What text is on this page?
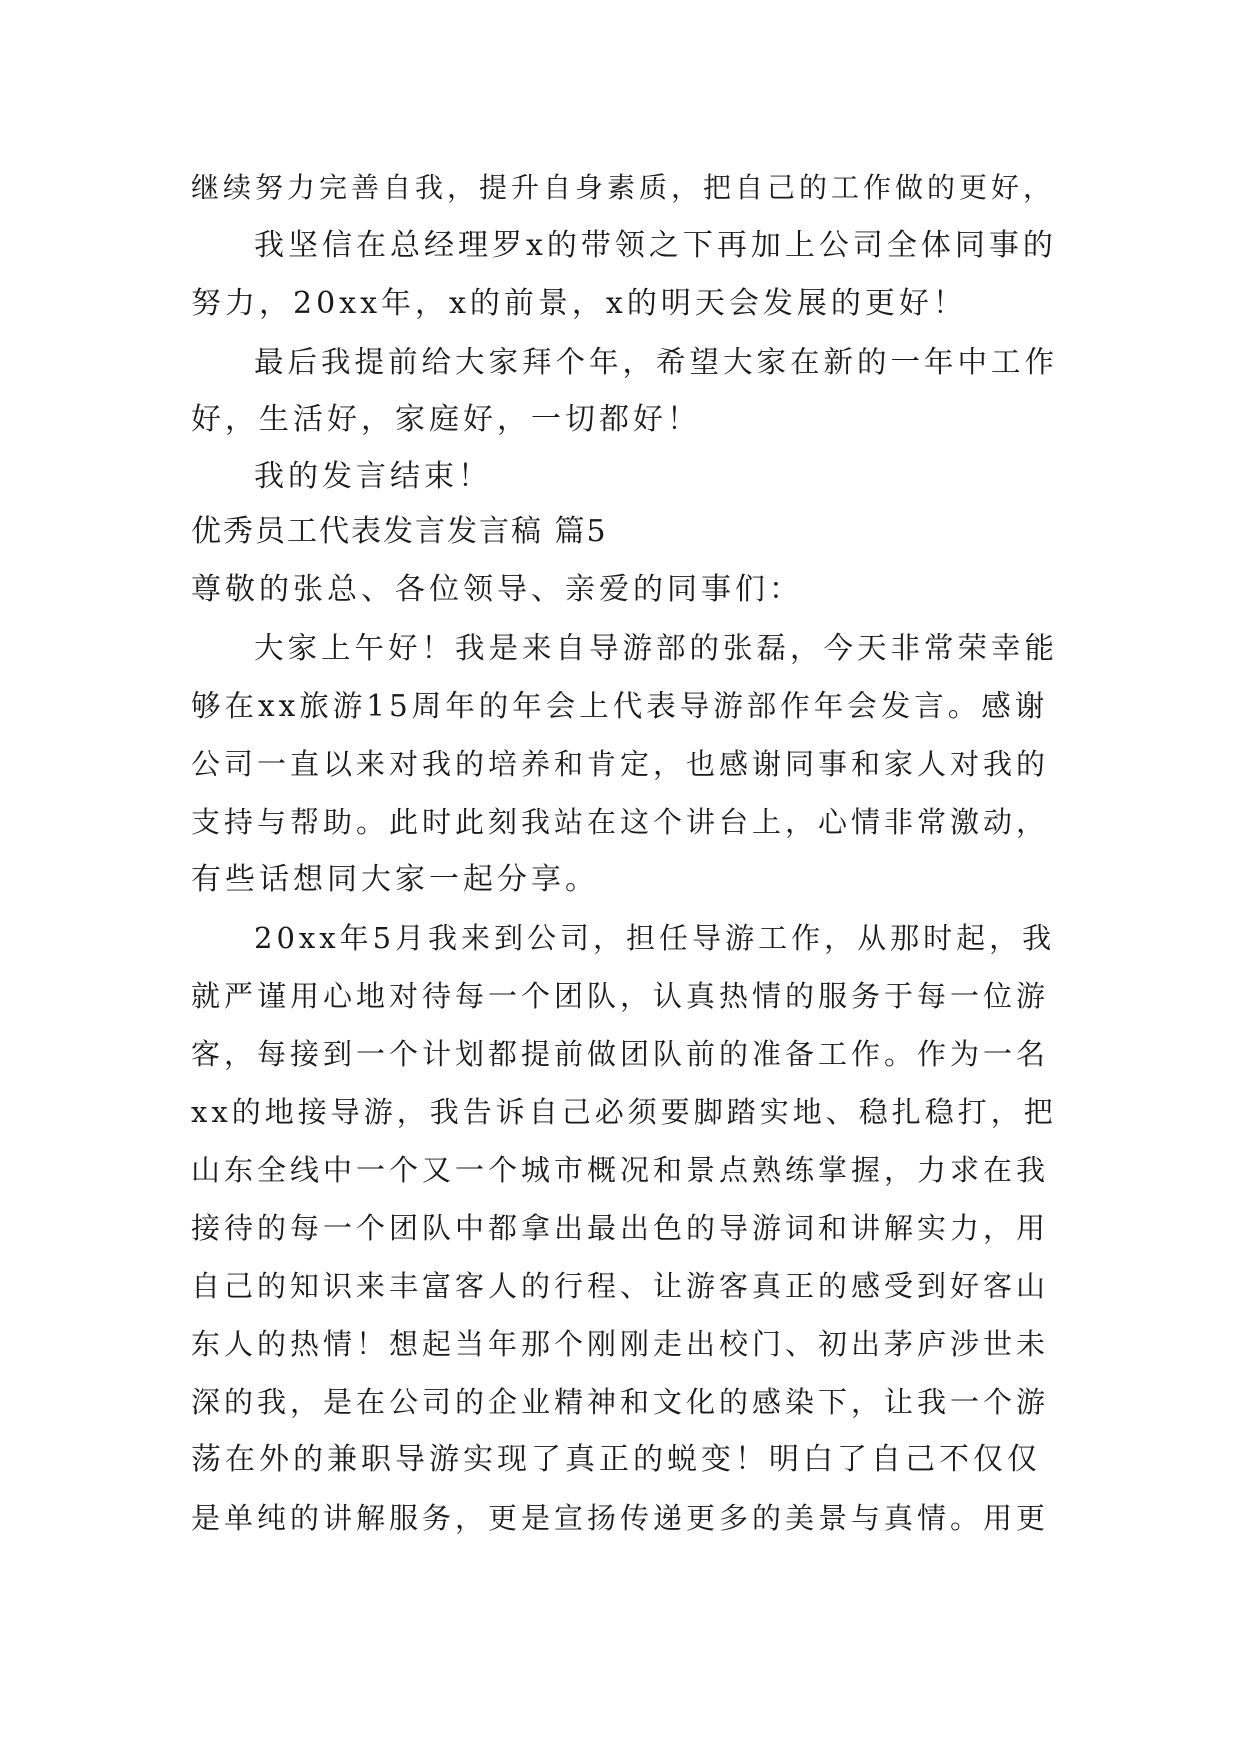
继续努力完善自我，提升自身素质，把自己的工作做的更好，
我坚信在总经理罗x的带领之下再加上公司全体同事的
努力，20xx年，x的前景，x的明天会发展的更好！
最后我提前给大家拜个年，希望大家在新的一年中工作
好，生活好，家庭好，一切都好！
我的发言结束！
优秀员工代表发言发言稿 篇5
尊敬的张总、各位领导、亲爱的同事们：
大家上午好！我是来自导游部的张磊，今天非常荣幸能
够在xx旅游15周年的年会上代表导游部作年会发言。感谢
公司一直以来对我的培养和肯定，也感谢同事和家人对我的
支持与帮助。此时此刻我站在这个讲台上，心情非常激动，
有些话想同大家一起分享。
20xx年5月我来到公司，担任导游工作，从那时起，我
就严谨用心地对待每一个团队，认真热情的服务于每一位游
客，每接到一个计划都提前做团队前的准备工作。作为一名
xx的地接导游，我告诉自己必须要脚踏实地、稳扎稳打，把
山东全线中一个又一个城市概况和景点熟练掌握，力求在我
接待的每一个团队中都拿出最出色的导游词和讲解实力，用
自己的知识来丰富客人的行程、让游客真正的感受到好客山
东人的热情！想起当年那个刚刚走出校门、初出茅庐涉世未
深的我，是在公司的企业精神和文化的感染下，让我一个游
荡在外的兼职导游实现了真正的蜕变！明白了自己不仅仅
是单纯的讲解服务，更是宣扬传递更多的美景与真情。用更
